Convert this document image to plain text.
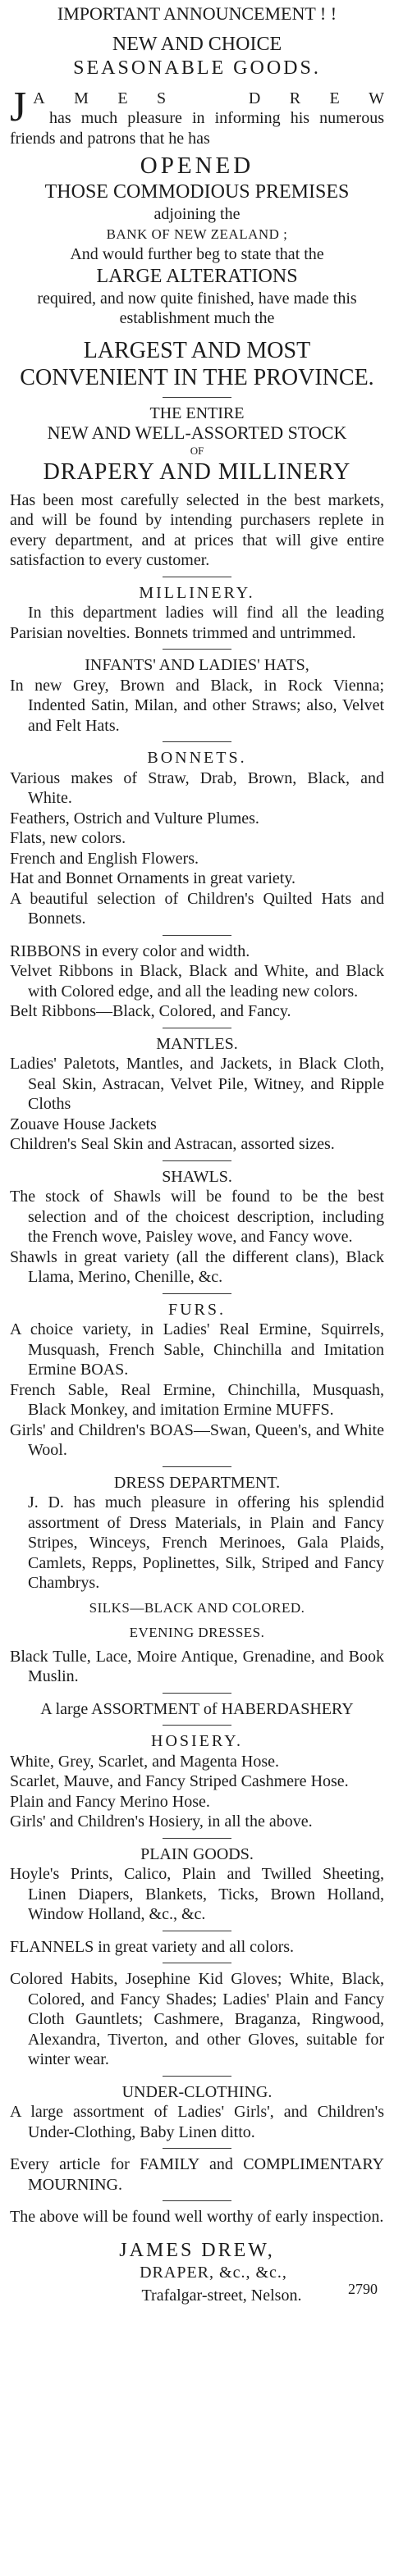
IMPORTANT ANNOUNCEMENT ! !

NEW AND CHOICE

SEASONABLE GOODS.

J A M E S	D R E W

has much pleasure in informing his numerous friends and patrons that he has

OPENED

THOSE COMMODIOUS PREMISES

adjoining the

BANK OF NEW ZEALAND ;

And would further beg to state that the

LARGE ALTERATIONS

required, and now quite finished, have made this establishment much the

LARGEST AND MOST CONVENIENT IN THE PROVINCE.

THE ENTIRE

NEW AND WELL-ASSORTED STOCK

OF

DRAPERY AND MILLINERY

Has been most carefully selected in the best markets, and will be found by intending purchasers replete in every department, and at prices that will give entire satisfaction to every customer.

MILLINERY.

In this department ladies will find all the leading Parisian novelties. Bonnets trimmed and untrimmed.

INFANTS' AND LADIES' HATS,

In new Grey, Brown and Black, in Rock Vienna; Indented Satin, Milan, and other Straws; also, Velvet and Felt Hats.

BONNETS.

Various makes of Straw, Drab, Brown, Black, and White.

Feathers, Ostrich and Vulture Plumes.

Flats, new colors.

French and English Flowers.

Hat and Bonnet Ornaments in great variety.

A beautiful selection of Children's Quilted Hats and Bonnets.

RIBBONS in every color and width.

Velvet Ribbons in Black, Black and White, and Black with Colored edge, and all the leading new colors.

Belt Ribbons—Black, Colored, and Fancy.

MANTLES.

Ladies' Paletots, Mantles, and Jackets, in Black Cloth, Seal Skin, Astracan, Velvet Pile, Witney, and Ripple Cloths

Zouave House Jackets

Children's Seal Skin and Astracan, assorted sizes.

SHAWLS.

The stock of Shawls will be found to be the best selection and of the choicest description, including the French wove, Paisley wove, and Fancy wove.

Shawls in great variety (all the different clans), Black Llama, Merino, Chenille, &c.

FURS.

A choice variety, in Ladies' Real Ermine, Squirrels, Musquash, French Sable, Chinchilla and Imitation Ermine BOAS.

French Sable, Real Ermine, Chinchilla, Musquash, Black Monkey, and imitation Ermine MUFFS.

Girls' and Children's BOAS—Swan, Queen's, and White Wool.

DRESS DEPARTMENT.

J. D. has much pleasure in offering his splendid assortment of Dress Materials, in Plain and Fancy Stripes, Winceys, French Merinoes, Gala Plaids, Camlets, Repps, Poplinettes, Silk, Striped and Fancy Chambrys.

SILKS—BLACK AND COLORED.

EVENING DRESSES.

Black Tulle, Lace, Moire Antique, Grenadine, and Book Muslin.

A large ASSORTMENT of HABERDASHERY

HOSIERY.

White, Grey, Scarlet, and Magenta Hose.

Scarlet, Mauve, and Fancy Striped Cashmere Hose.

Plain and Fancy Merino Hose.

Girls' and Children's Hosiery, in all the above.

PLAIN GOODS.

Hoyle's Prints, Calico, Plain and Twilled Sheeting, Linen Diapers, Blankets, Ticks, Brown Holland, Window Holland, &c., &c.

FLANNELS in great variety and all colors.

Colored Habits, Josephine Kid Gloves; White, Black, Colored, and Fancy Shades; Ladies' Plain and Fancy Cloth Gauntlets; Cashmere, Braganza, Ringwood, Alexandra, Tiverton, and other Gloves, suitable for winter wear.

UNDER-CLOTHING.

A large assortment of Ladies' Girls', and Children's Under-Clothing, Baby Linen ditto.

Every article for FAMILY and COMPLIMENTARY MOURNING.

The above will be found well worthy of early inspection.

JAMES DREW,

DRAPER, &c., &c.,

Trafalgar-street, Nelson.	2790
